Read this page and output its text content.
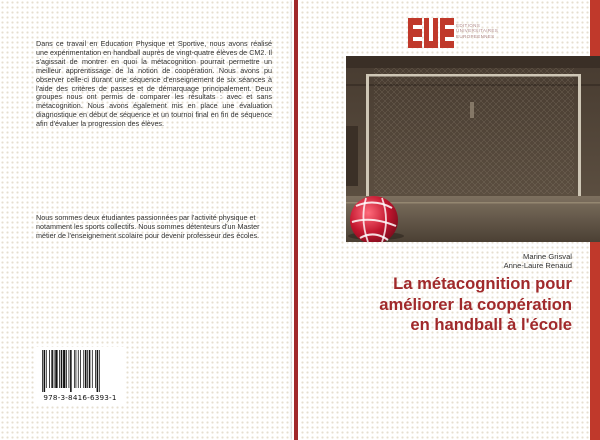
Dans ce travail en Education Physique et Sportive, nous avons réalisé une expérimentation en handball auprès de vingt-quatre élèves de CM2. Il s'agissait de montrer en quoi la métacognition pourrait permettre un meilleur apprentissage de la notion de coopération. Nous avons pu observer celle-ci durant une séquence d'enseignement de six séances à l'aide des critères de passes et de démarquage principalement. Deux groupes nous ont permis de comparer les résultats : avec et sans métacognition. Nous avons également mis en place une évaluation diagnostique en début de séquence et un tournoi final en fin de séquence afin d'évaluer la progression des élèves.

Nous sommes deux étudiantes passionnées par l'activité physique et notamment les sports collectifs. Nous sommes détenteurs d'un Master métier de l'enseignement scolaire pour devenir professeur des écoles.

978-3-8416-6393-1
EDITIONS
UNIVERSITAIRES
EUROPEENNES
Marine Grisval
Anne-Laure Renaud
La métacognition pour
améliorer la coopération
en handball à l'école
